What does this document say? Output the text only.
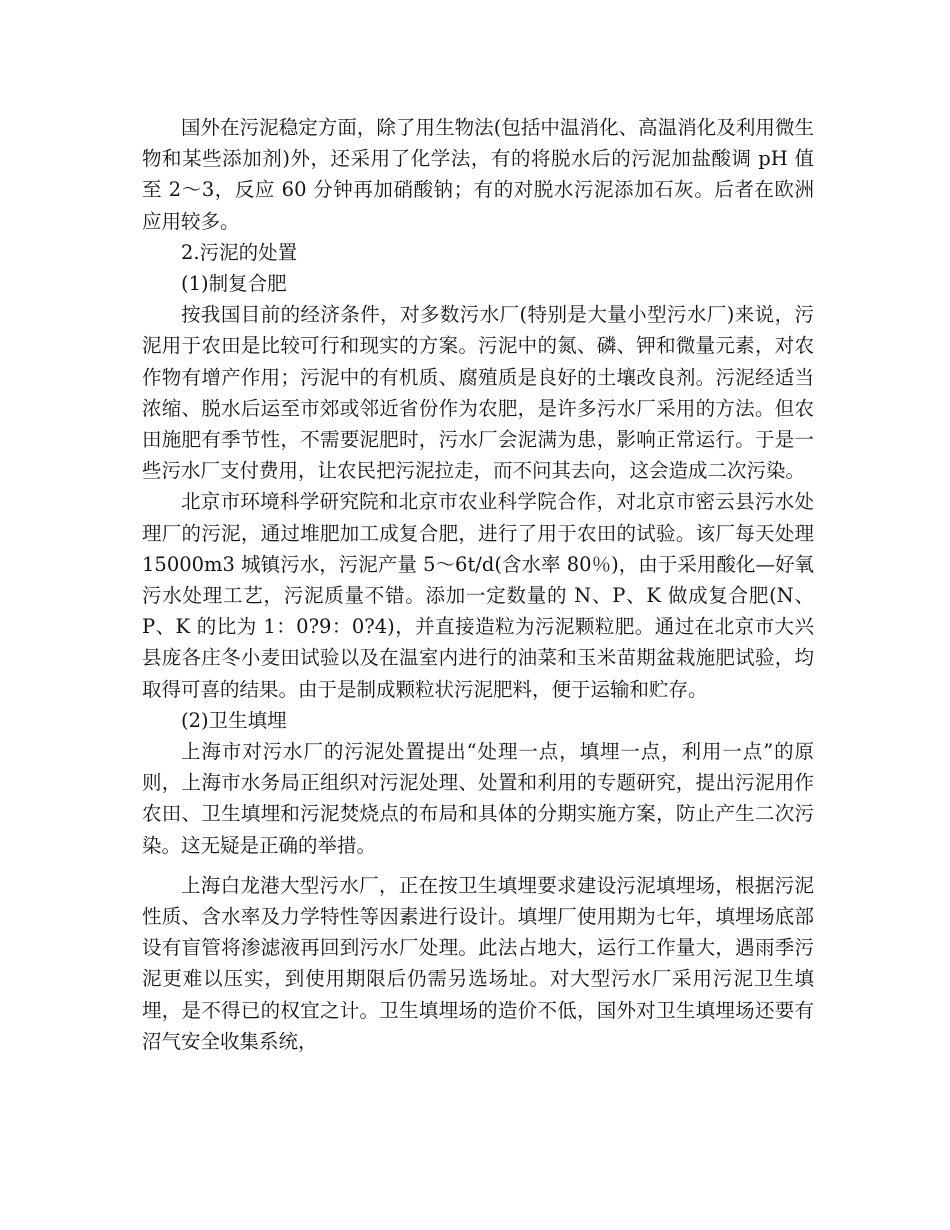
国外在污泥稳定方面，除了用生物法(包括中温消化、高温消化及利用微生物和某些添加剂)外，还采用了化学法，有的将脱水后的污泥加盐酸调 pH 值至 2～3，反应 60 分钟再加硝酸钠；有的对脱水污泥添加石灰。后者在欧洲应用较多。

2.污泥的处置

(1)制复合肥

按我国目前的经济条件，对多数污水厂(特别是大量小型污水厂)来说，污泥用于农田是比较可行和现实的方案。污泥中的氮、磷、钾和微量元素，对农作物有增产作用；污泥中的有机质、腐殖质是良好的土壤改良剂。污泥经适当浓缩、脱水后运至市郊或邻近省份作为农肥，是许多污水厂采用的方法。但农田施肥有季节性，不需要泥肥时，污水厂会泥满为患，影响正常运行。于是一些污水厂支付费用，让农民把污泥拉走，而不问其去向，这会造成二次污染。

北京市环境科学研究院和北京市农业科学院合作，对北京市密云县污水处理厂的污泥，通过堆肥加工成复合肥，进行了用于农田的试验。该厂每天处理 15000m3 城镇污水，污泥产量 5～6t/d(含水率 80％)，由于采用酸化—好氧污水处理工艺，污泥质量不错。添加一定数量的 N、P、K 做成复合肥(N、P、K 的比为 1：0?9：0?4)，并直接造粒为污泥颗粒肥。通过在北京市大兴县庞各庄冬小麦田试验以及在温室内进行的油菜和玉米苗期盆栽施肥试验，均取得可喜的结果。由于是制成颗粒状污泥肥料，便于运输和贮存。

(2)卫生填埋

上海市对污水厂的污泥处置提出“处理一点，填埋一点，利用一点”的原则，上海市水务局正组织对污泥处理、处置和利用的专题研究，提出污泥用作农田、卫生填埋和污泥焚烧点的布局和具体的分期实施方案，防止产生二次污染。这无疑是正确的举措。

上海白龙港大型污水厂，正在按卫生填埋要求建设污泥填埋场，根据污泥性质、含水率及力学特性等因素进行设计。填埋厂使用期为七年，填埋场底部设有盲管将渗滤液再回到污水厂处理。此法占地大，运行工作量大，遇雨季污泥更难以压实，到使用期限后仍需另选场址。对大型污水厂采用污泥卫生填埋，是不得已的权宜之计。卫生填埋场的造价不低，国外对卫生填埋场还要有沼气安全收集系统，
